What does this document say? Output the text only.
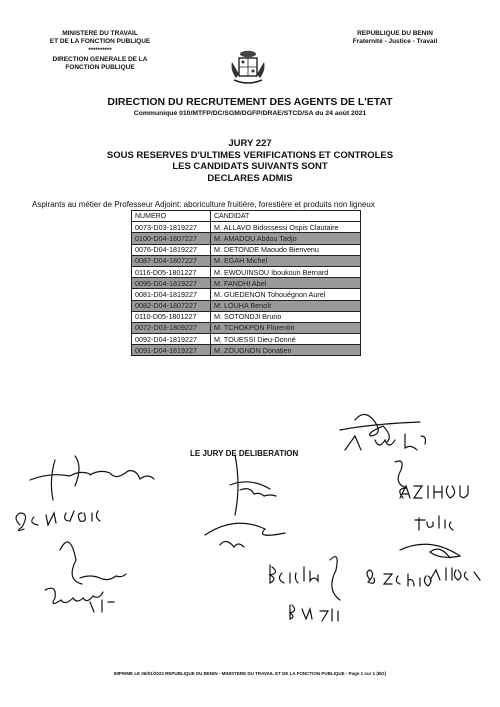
MINISTERE DU TRAVAIL
ET DE LA FONCTION PUBLIQUE
**********
DIRECTION GENERALE DE LA
FONCTION PUBLIQUE
REPUBLIQUE DU BENIN
Fraternité - Justice - Travail
DIRECTION DU RECRUTEMENT DES AGENTS DE L'ETAT
Communiqué 010/MTFP/DC/SGM/DGFP/DRAE/STCD/SA du 24 août 2021
JURY 227
SOUS RESERVES D'ULTIMES VERIFICATIONS ET CONTROLES
LES CANDIDATS SUIVANTS SONT
DECLARES ADMIS
Aspirants au métier de Professeur Adjoint: aboriculture fruitière, forestière et produits non ligneux
NUMERO	CANDIDAT
0073-D03-1819227	M. ALLAVO Bidossessi Ospis Clautaire
0100-D04-1807227	M. AMADOU Abdou Tadjo
0076-D04-1819227	M. DETONDE Maoudo Bienvenu
0087-D04-1807227	M. EGAH Michel
0116-D05-1801227	M. EWOUINSOU Iboukoun Bernard
0095-D04-1819227	M. FANDHI Abel
0081-D04-1819227	M. GUEDENON Tohouégnon Aurel
0082-D04-1807227	M. LOUHA Benoît
0110-D05-1801227	M. SOTONDJI Bruno
0072-D03-1809227	M. TCHOKPON Florentin
0092-D04-1819227	M. TOUESSI Dieu-Donné
0091-D04-1819227	M. ZOUGNON Donatien
LE JURY DE DELIBERATION
IMPRIME LE 06/01/2022 REPUBLIQUE DU BENIN - MINISTERE DU TRAVAIL ET DE LA FONCTION PUBLIQUE - Page 1 sur 1 (BG)
